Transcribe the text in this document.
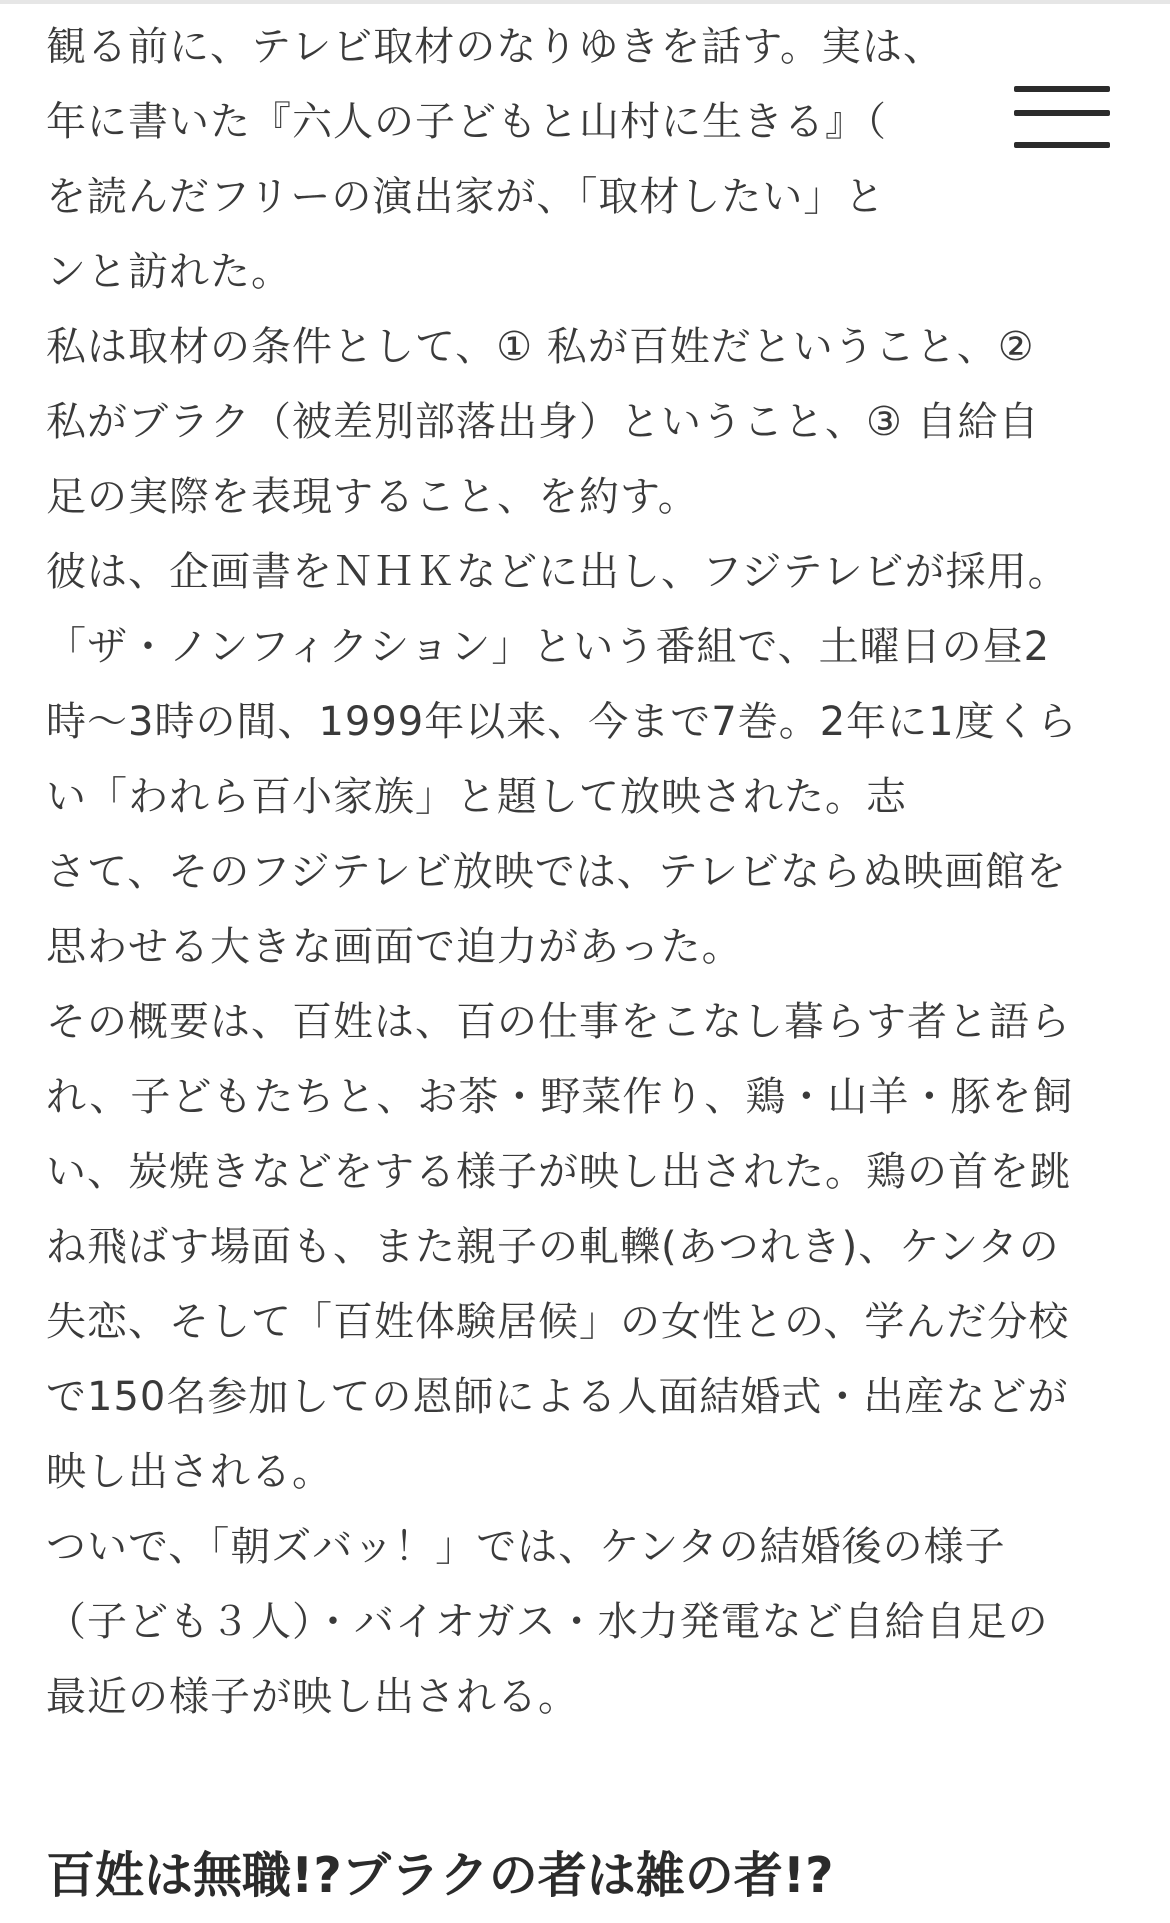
観る前に、テレビ取材のなりゆきを話す。実は、
年に書いた『六人の子どもと山村に生きる』（
を読んだフリーの演出家が、「取材したい」と
ンと訪れた。
私は取材の条件として、① 私が百姓だということ、②
私がブラク（被差別部落出身）ということ、③ 自給自
足の実際を表現すること、を約す。
彼は、企画書をＮＨＫなどに出し、フジテレビが採用。
「ザ・ノンフィクション」という番組で、土曜日の昼2
時～3時の間、1999年以来、今まで7巻。2年に1度くら
い「われら百小家族」と題して放映された。志
さて、そのフジテレビ放映では、テレビならぬ映画館を
思わせる大きな画面で迫力があった。
その概要は、百姓は、百の仕事をこなし暮らす者と語ら
れ、子どもたちと、お茶・野菜作り、鶏・山羊・豚を飼
い、炭焼きなどをする様子が映し出された。鶏の首を跳
ね飛ばす場面も、また親子の軋轢(あつれき)、ケンタの
失恋、そして「百姓体験居候」の女性との、学んだ分校
で150名参加しての恩師による人面結婚式・出産などが
映し出される。
ついで、「朝ズバッ！」では、ケンタの結婚後の様子
（子ども３人）・バイオガス・水力発電など自給自足の
最近の様子が映し出される。
百姓は無職!?ブラクの者は雑の者!?
